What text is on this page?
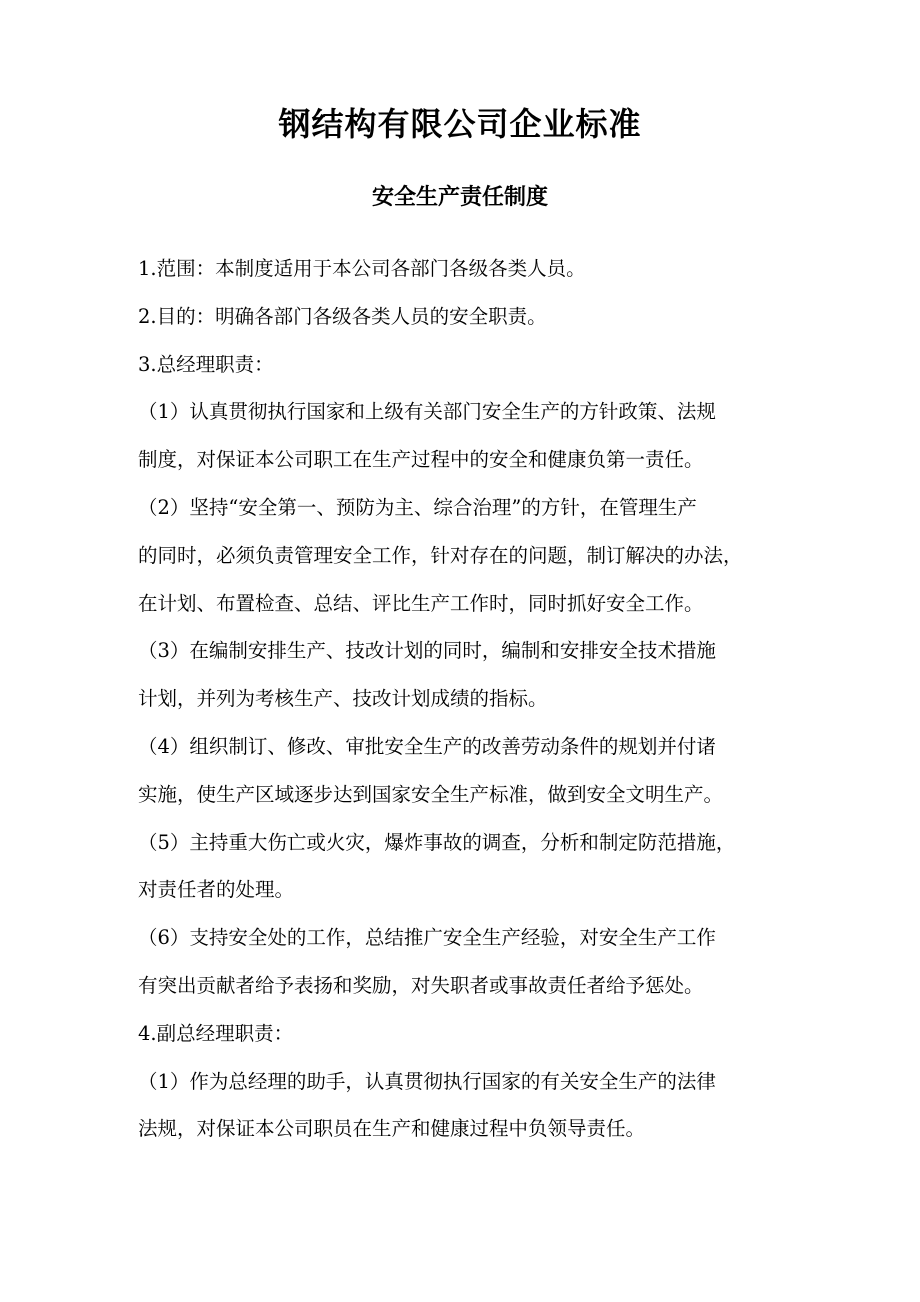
钢结构有限公司企业标准
安全生产责任制度
1.范围：本制度适用于本公司各部门各级各类人员。
2.目的：明确各部门各级各类人员的安全职责。
3.总经理职责：
（1）认真贯彻执行国家和上级有关部门安全生产的方针政策、法规
制度，对保证本公司职工在生产过程中的安全和健康负第一责任。
（2）坚持“安全第一、预防为主、综合治理”的方针，在管理生产
的同时，必须负责管理安全工作，针对存在的问题，制订解决的办法，
在计划、布置检查、总结、评比生产工作时，同时抓好安全工作。
（3）在编制安排生产、技改计划的同时，编制和安排安全技术措施
计划，并列为考核生产、技改计划成绩的指标。
（4）组织制订、修改、审批安全生产的改善劳动条件的规划并付诸
实施，使生产区域逐步达到国家安全生产标准，做到安全文明生产。
（5）主持重大伤亡或火灾，爆炸事故的调查，分析和制定防范措施，
对责任者的处理。
（6）支持安全处的工作，总结推广安全生产经验，对安全生产工作
有突出贡献者给予表扬和奖励，对失职者或事故责任者给予惩处。
4.副总经理职责：
（1）作为总经理的助手，认真贯彻执行国家的有关安全生产的法律
法规，对保证本公司职员在生产和健康过程中负领导责任。
